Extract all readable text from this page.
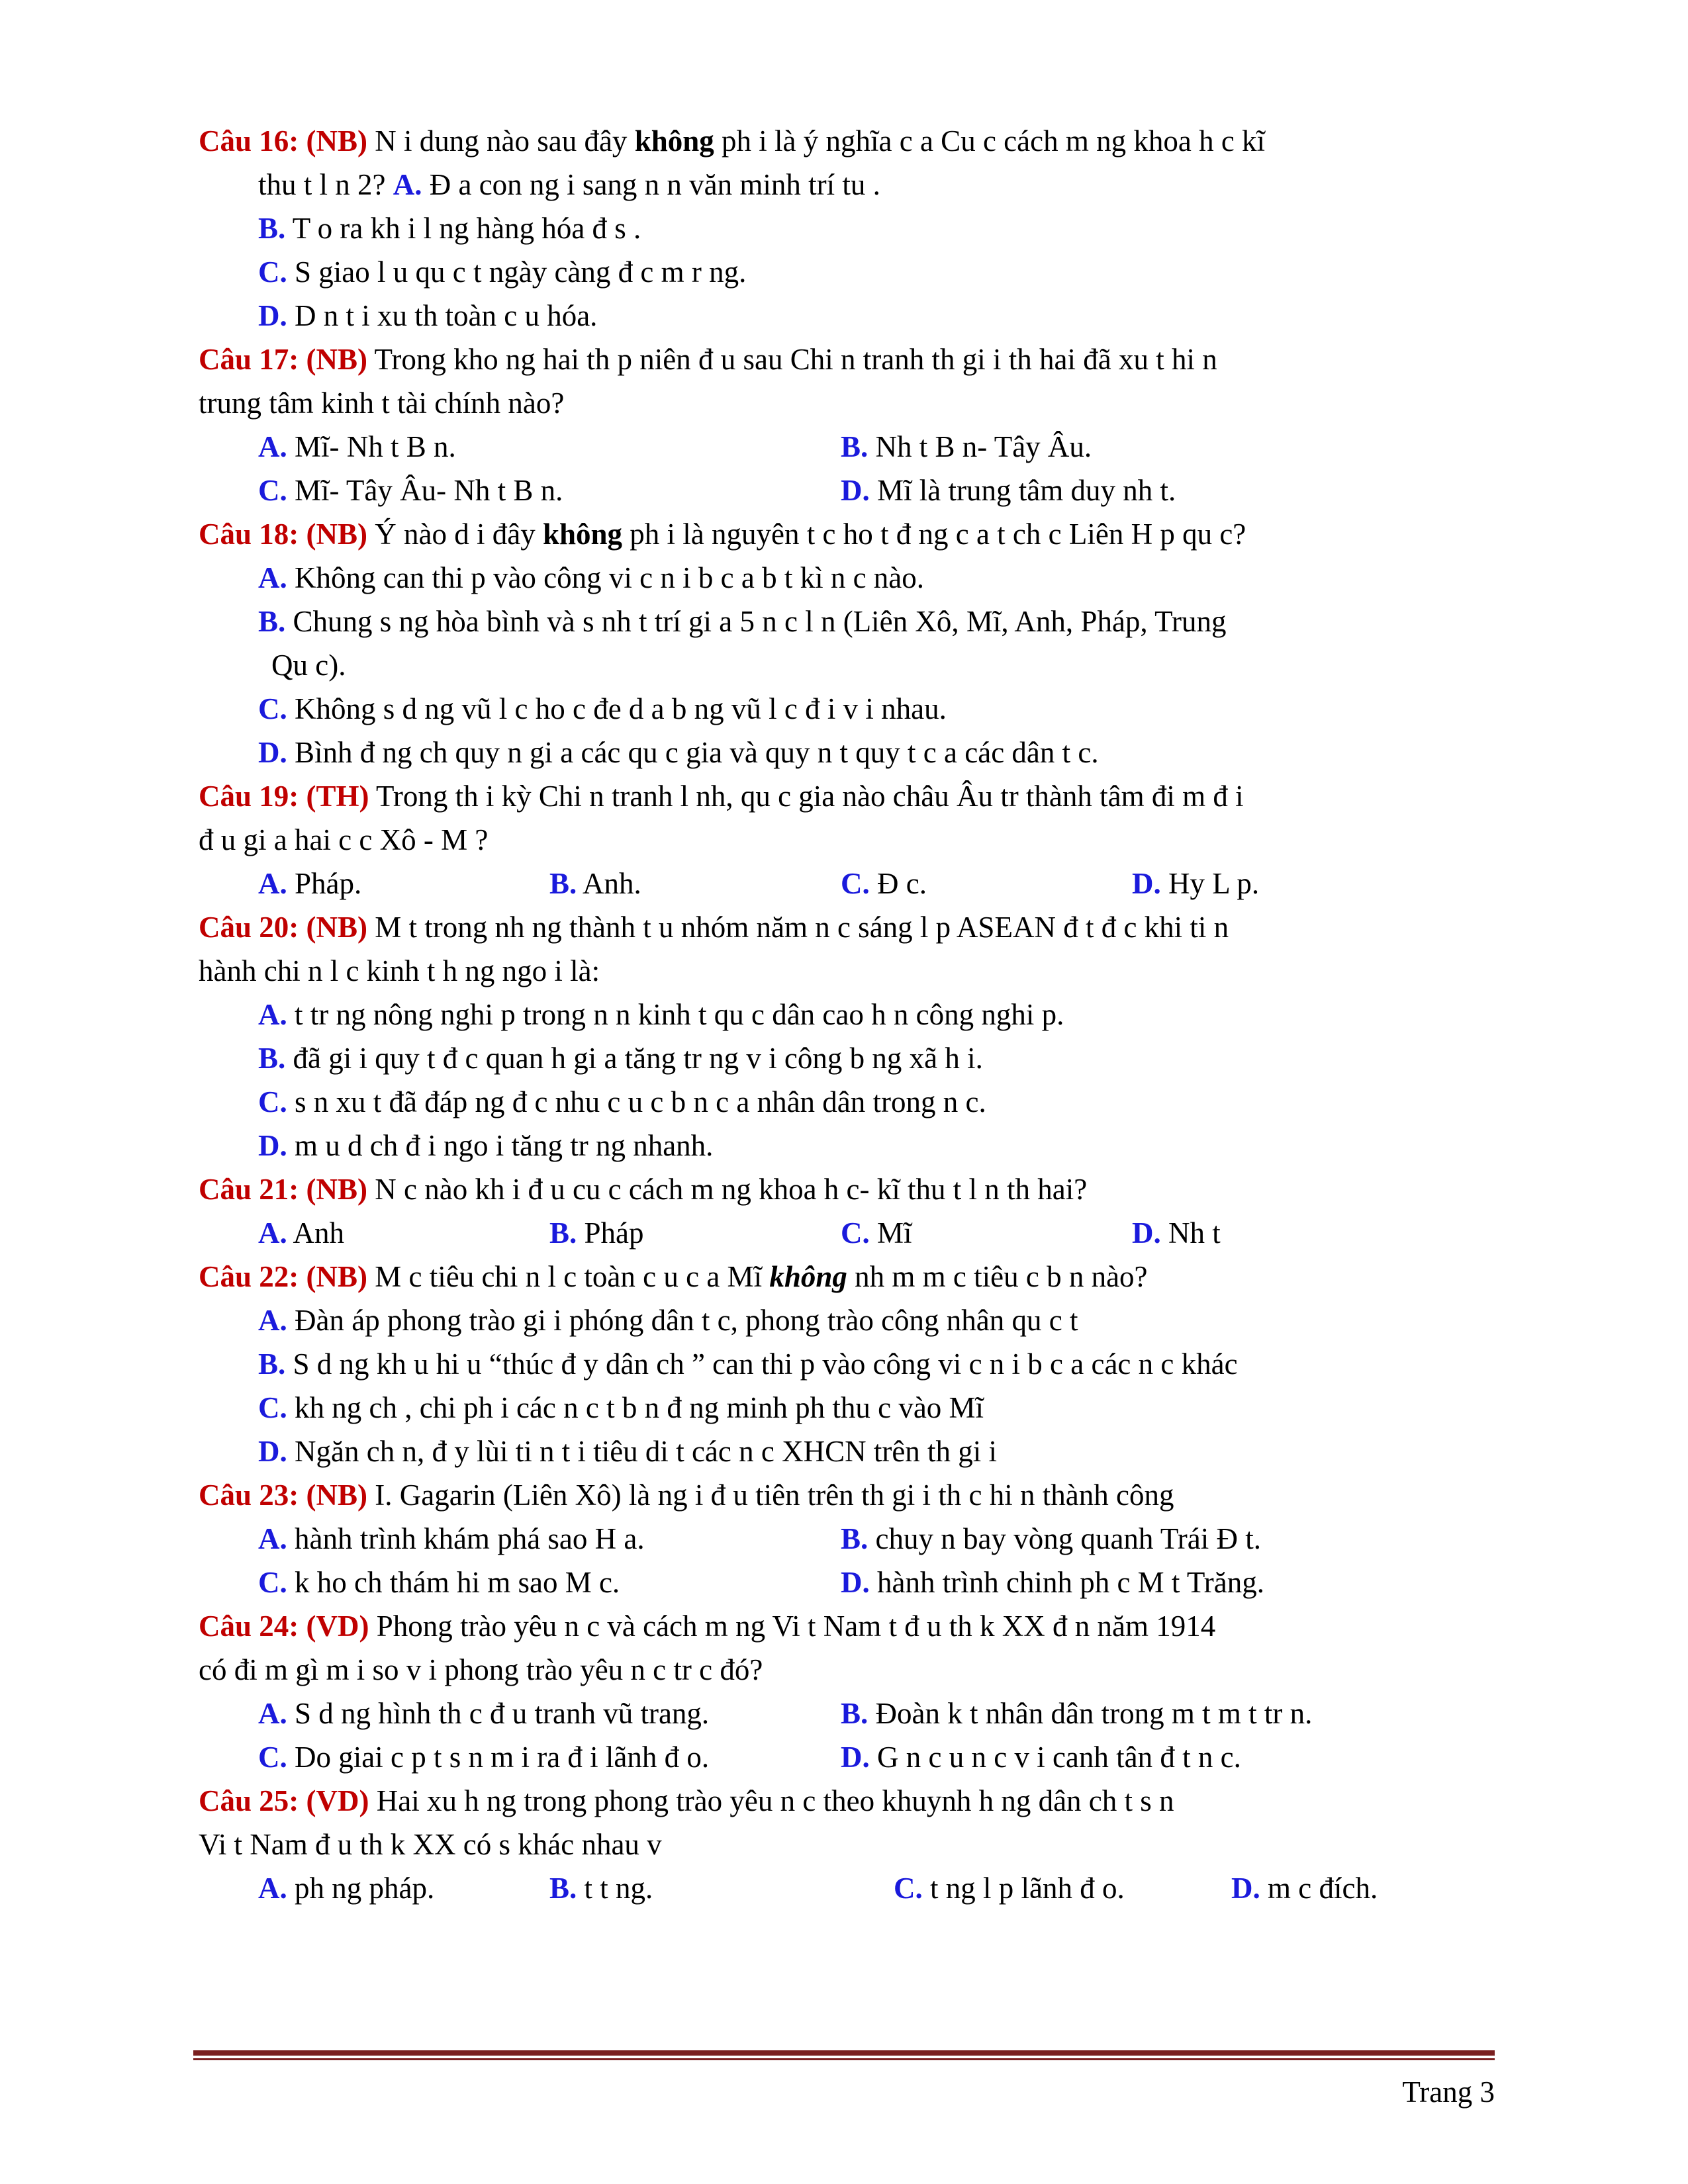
Câu 16: (NB) N i dung nào sau đây không ph i là ý nghĩa c a Cu c cách m ng khoa h c kĩ
thu t l n 2? A. Đ a con ng i sang n n văn minh trí tu .
B. T o ra kh i l ng hàng hóa đ s .
C. S giao l u qu c t ngày càng đ c m r ng.
D. D n t i xu th toàn c u hóa.
Câu 17: (NB) Trong kho ng hai th p niên đ u sau Chi n tranh th gi i th hai đã xu t hi n
trung tâm kinh t tài chính nào?
A. Mĩ- Nh t B n.	B. Nh t B n- Tây Âu.
C. Mĩ- Tây Âu- Nh t B n.	D. Mĩ là trung tâm duy nh t.
Câu 18: (NB) Ý nào d i đây không ph i là nguyên t c ho t đ ng c a t ch c Liên H p qu c?
A. Không can thi p vào công vi c n i b c a b t kì n c nào.
B. Chung s ng hòa bình và s nh t trí gi a 5 n c l n (Liên Xô, Mĩ, Anh, Pháp, Trung
Qu c).
C. Không s d ng vũ l c ho c đe d a b ng vũ l c đ i v i nhau.
D. Bình đ ng ch quy n gi a các qu c gia và quy n t quy t c a các dân t c.
Câu 19: (TH) Trong th i kỳ Chi n tranh l nh, qu c gia nào châu Âu tr thành tâm đi m đ i
đ u gi a hai c c Xô - M ?
A. Pháp.	B. Anh.	C. Đ c.	D. Hy L p.
Câu 20: (NB) M t trong nh ng thành t u nhóm năm n c sáng l p ASEAN đ t đ c khi ti n
hành chi n l c kinh t h ng ngo i là:
A. t tr ng nông nghi p trong n n kinh t qu c dân cao h n công nghi p.
B. đã gi i quy t đ c quan h gi a tăng tr ng v i công b ng xã h i.
C. s n xu t đã đáp ng đ c nhu c u c b n c a nhân dân trong n c.
D. m u d ch đ i ngo i tăng tr ng nhanh.
Câu 21: (NB) N c nào kh i đ u cu c cách m ng khoa h c- kĩ thu t l n th hai?
A. Anh	B. Pháp	C. Mĩ	D. Nh t
Câu 22: (NB) M c tiêu chi n l c toàn c u c a Mĩ không nh m m c tiêu c b n nào?
A. Đàn áp phong trào gi i phóng dân t c, phong trào công nhân qu c t
B. S d ng kh u hi u “thúc đ y dân ch ” can thi p vào công vi c n i b c a các n c khác
C. kh ng ch , chi ph i các n c t b n đ ng minh ph thu c vào Mĩ
D. Ngăn ch n, đ y lùi ti n t i tiêu di t các n c XHCN trên th gi i
Câu 23: (NB) I. Gagarin (Liên Xô) là ng i đ u tiên trên th gi i th c hi n thành công
A. hành trình khám phá sao H a.	B. chuy n bay vòng quanh Trái Đ t.
C. k ho ch thám hi m sao M c.	D. hành trình chinh ph c M t Trăng.
Câu 24: (VD) Phong trào yêu n c và cách m ng Vi t Nam t đ u th k XX đ n năm 1914
có đi m gì m i so v i phong trào yêu n c tr c đó?
A. S d ng hình th c đ u tranh vũ trang.	B. Đoàn k t nhân dân trong m t m t tr n.
C. Do giai c p t s n m i ra đ i lãnh đ o.	D. G n c u n c v i canh tân đ t n c.
Câu 25: (VD) Hai xu h ng trong phong trào yêu n c theo khuynh h ng dân ch t s n
Vi t Nam đ u th k XX có s khác nhau v
A. ph ng pháp.	B. t t ng.	C. t ng l p lãnh đ o.	D. m c đích.
Trang 3
